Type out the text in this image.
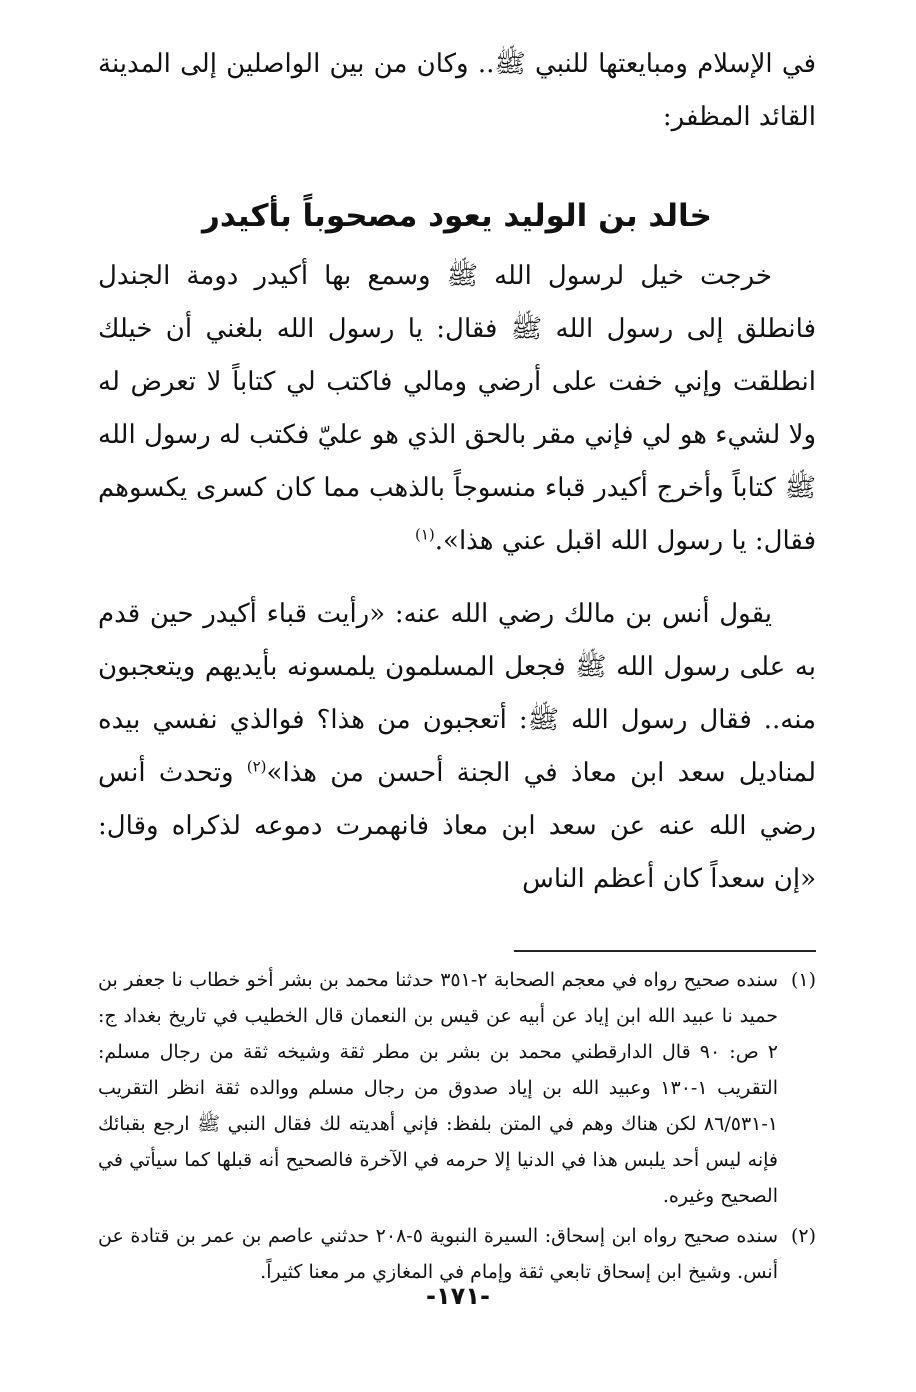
في الإسلام ومبايعتها للنبي ﷺ.. وكان من بين الواصلين إلى المدينة القائد المظفر:

خالد بن الوليد يعود مصحوباً بأكيدر

خرجت خيل لرسول الله ﷺ وسمع بها أكيدر دومة الجندل فانطلق إلى رسول الله ﷺ فقال: يا رسول الله بلغني أن خيلك انطلقت وإني خفت على أرضي ومالي فاكتب لي كتاباً لا تعرض له ولا لشيء هو لي فإني مقر بالحق الذي هو عليّ فكتب له رسول الله ﷺ كتاباً وأخرج أكيدر قباء منسوجاً بالذهب مما كان كسرى يكسوهم فقال: يا رسول الله اقبل عني هذا».$^{(١)}$

يقول أنس بن مالك رضي الله عنه: «رأيت قباء أكيدر حين قدم به على رسول الله ﷺ فجعل المسلمون يلمسونه بأيديهم ويتعجبون منه.. فقال رسول الله ﷺ: أتعجبون من هذا؟ فوالذي نفسي بيده لمناديل سعد ابن معاذ في الجنة أحسن من هذا»$^{(٢)}$ وتحدث أنس رضي الله عنه عن سعد ابن معاذ فانهمرت دموعه لذكراه وقال: «إن سعداً كان أعظم الناس

(١)
سنده صحيح رواه في معجم الصحابة ٢-٣٥١ حدثنا محمد بن بشر أخو خطاب نا جعفر بن حميد نا عبيد الله ابن إياد عن أبيه عن قيس بن النعمان قال الخطيب في تاريخ بغداد ج: ٢ ص: ٩٠ قال الدارقطني محمد بن بشر بن مطر ثقة وشيخه ثقة من رجال مسلم: التقريب ١-١٣٠ وعبيد الله بن إياد صدوق من رجال مسلم ووالده ثقة انظر التقريب ١-٨٦/٥٣١ لكن هناك وهم في المتن بلفظ: فإني أهديته لك فقال النبي ﷺ ارجع بقبائك فإنه ليس أحد يلبس هذا في الدنيا إلا حرمه في الآخرة فالصحيح أنه قبلها كما سيأتي في الصحيح وغيره.

(٢)
سنده صحيح رواه ابن إسحاق: السيرة النبوية ٥-٢٠٨ حدثني عاصم بن عمر بن قتادة عن أنس. وشيخ ابن إسحاق تابعي ثقة وإمام في المغازي مر معنا كثيراً.

-١٧١-
